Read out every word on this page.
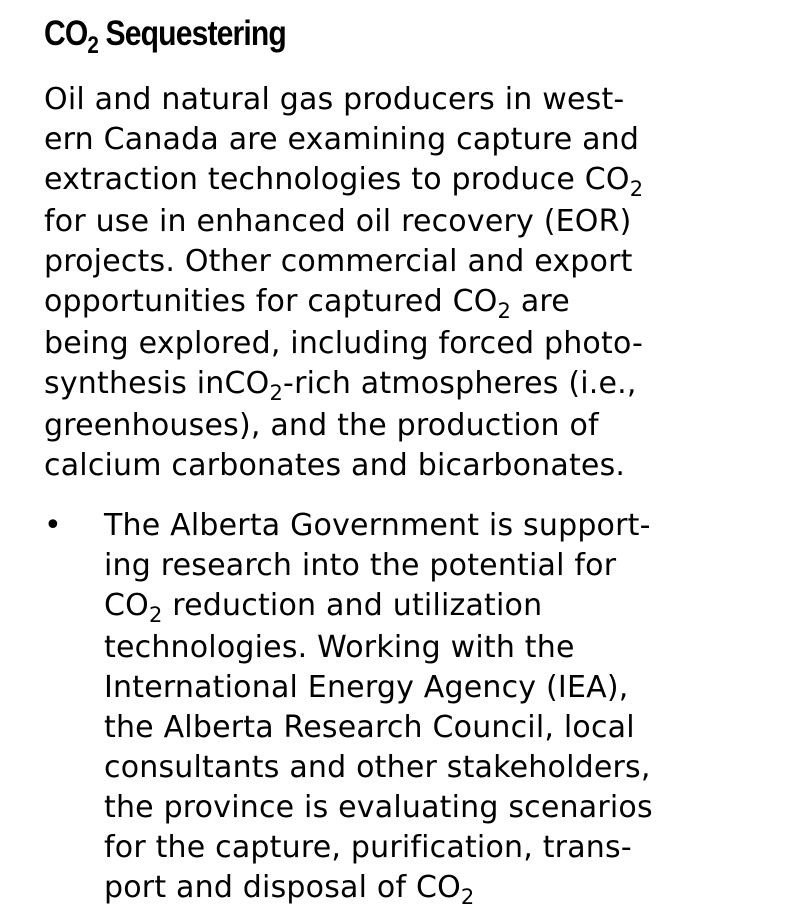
$CO_2$ Sequestering

Oil and natural gas producers in west-
ern Canada are examining capture and
extraction technologies to produce $CO_2$
for use in enhanced oil recovery (EOR)
projects. Other commercial and export
opportunities for captured $CO_2$ are
being explored, including forced photo-
synthesis inCO$_2$-rich atmospheres (i.e.,
greenhouses), and the production of
calcium carbonates and bicarbonates.

• The Alberta Government is support-
ing research into the potential for
$CO_2$ reduction and utilization
technologies. Working with the
International Energy Agency (IEA),
the Alberta Research Council, local
consultants and other stakeholders,
the province is evaluating scenarios
for the capture, purification, trans-
port and disposal of $CO_2$
